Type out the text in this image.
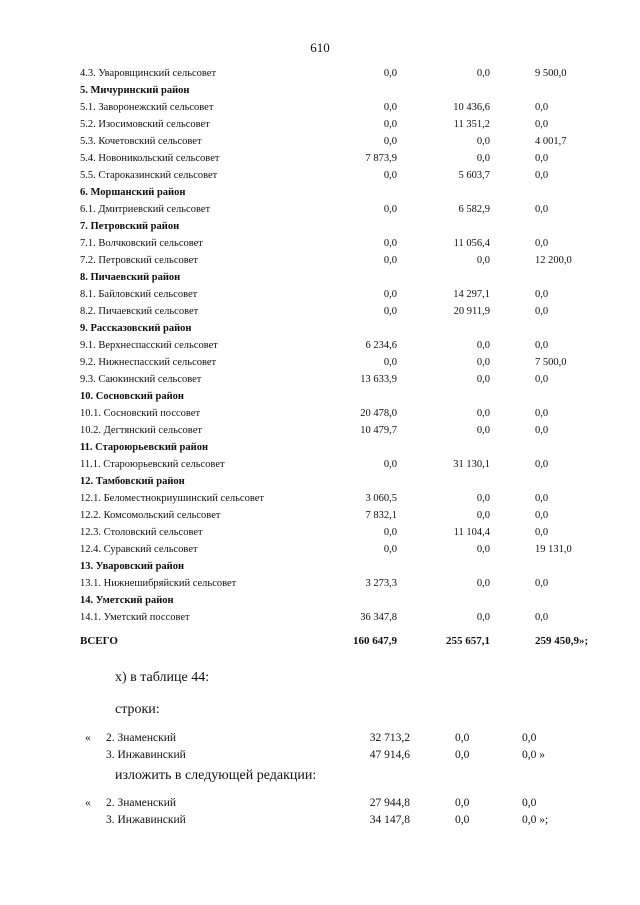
610
4.3. Уваровщинский сельсовет	0,0	0,0	9 500,0
5. Мичуринский район
5.1. Заворонежский сельсовет	0,0	10 436,6	0,0
5.2. Изосимовский сельсовет	0,0	11 351,2	0,0
5.3. Кочетовский сельсовет	0,0	0,0	4 001,7
5.4. Новоникольский сельсовет	7 873,9	0,0	0,0
5.5. Староказинский сельсовет	0,0	5 603,7	0,0
6. Моршанский район
6.1. Дмитриевский сельсовет	0,0	6 582,9	0,0
7. Петровский район
7.1. Волчковский сельсовет	0,0	11 056,4	0,0
7.2. Петровский сельсовет	0,0	0,0	12 200,0
8. Пичаевский район
8.1. Байловский сельсовет	0,0	14 297,1	0,0
8.2. Пичаевский сельсовет	0,0	20 911,9	0,0
9. Рассказовский район
9.1. Верхнеспасский сельсовет	6 234,6	0,0	0,0
9.2. Нижнеспасский сельсовет	0,0	0,0	7 500,0
9.3. Саюкинский сельсовет	13 633,9	0,0	0,0
10. Сосновский район
10.1. Сосновский поссовет	20 478,0	0,0	0,0
10.2. Дегтянский сельсовет	10 479,7	0,0	0,0
11. Староюрьевский район
11.1. Староюрьевский сельсовет	0,0	31 130,1	0,0
12. Тамбовский район
12.1. Беломестнокриушинский сельсовет	3 060,5	0,0	0,0
12.2. Комсомольский сельсовет	7 832,1	0,0	0,0
12.3. Столовский сельсовет	0,0	11 104,4	0,0
12.4. Суравский сельсовет	0,0	0,0	19 131,0
13. Уваровский район
13.1. Нижнешибряйский сельсовет	3 273,3	0,0	0,0
14. Уметский район
14.1. Уметский поссовет	36 347,8	0,0	0,0
ВСЕГО	160 647,9	255 657,1	259 450,9»;
х) в таблице 44:
строки:
« 2. Знаменский	32 713,2	0,0	0,0
3. Инжавинский	47 914,6	0,0	0,0 »
изложить в следующей редакции:
« 2. Знаменский	27 944,8	0,0	0,0
3. Инжавинский	34 147,8	0,0	0,0 »;
